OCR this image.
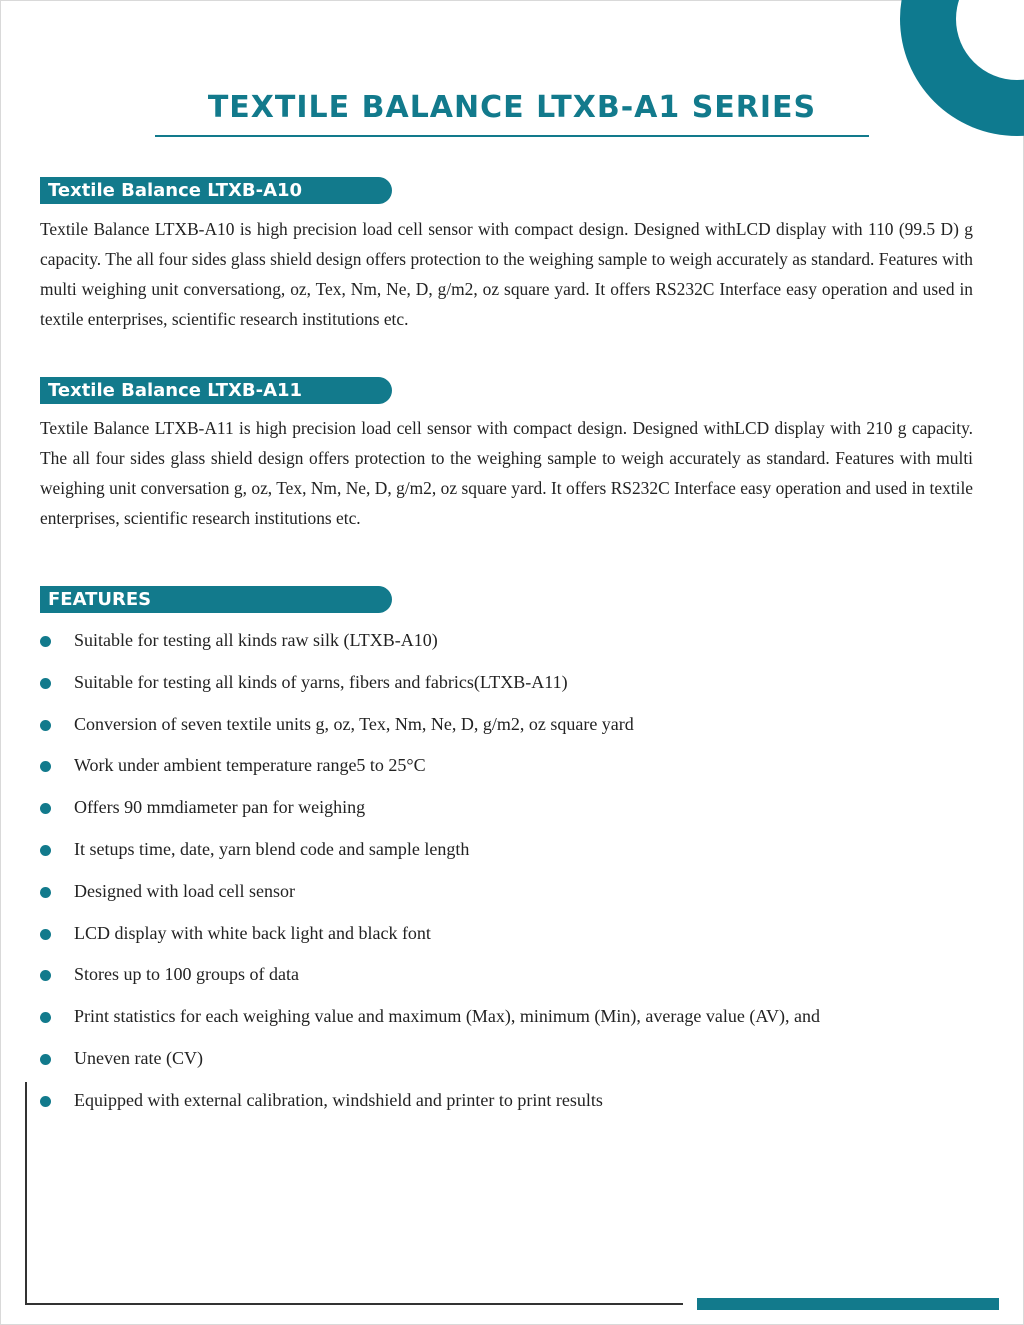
TEXTILE BALANCE LTXB-A1 SERIES
Textile Balance LTXB-A10

Textile Balance LTXB-A10 is high precision load cell sensor with compact design. Designed withLCD display with 110 (99.5 D) g capacity. The all four sides glass shield design offers protection to the weighing sample to weigh accurately as standard. Features with multi weighing unit conversationg, oz, Tex, Nm, Ne, D, g/m2, oz square yard. It offers RS232C Interface easy operation and used in textile enterprises, scientific research institutions etc.

Textile Balance LTXB-A11

Textile Balance LTXB-A11 is high precision load cell sensor with compact design. Designed withLCD display with 210 g capacity. The all four sides glass shield design offers protection to the weighing sample to weigh accurately as standard. Features with multi weighing unit conversation g, oz, Tex, Nm, Ne, D, g/m2, oz square yard. It offers RS232C Interface easy operation and used in textile enterprises, scientific research institutions etc.

FEATURES
Suitable for testing all kinds raw silk (LTXB-A10)
Suitable for testing all kinds of yarns, fibers and fabrics(LTXB-A11)
Conversion of seven textile units g, oz, Tex, Nm, Ne, D, g/m2, oz square yard
Work under ambient temperature range5 to 25°C
Offers 90 mmdiameter pan for weighing
It setups time, date, yarn blend code and sample length
Designed with load cell sensor
LCD display with white back light and black font
Stores up to 100 groups of data
Print statistics for each weighing value and maximum (Max), minimum (Min), average value (AV), and
Uneven rate (CV)
Equipped with external calibration, windshield and printer to print results
